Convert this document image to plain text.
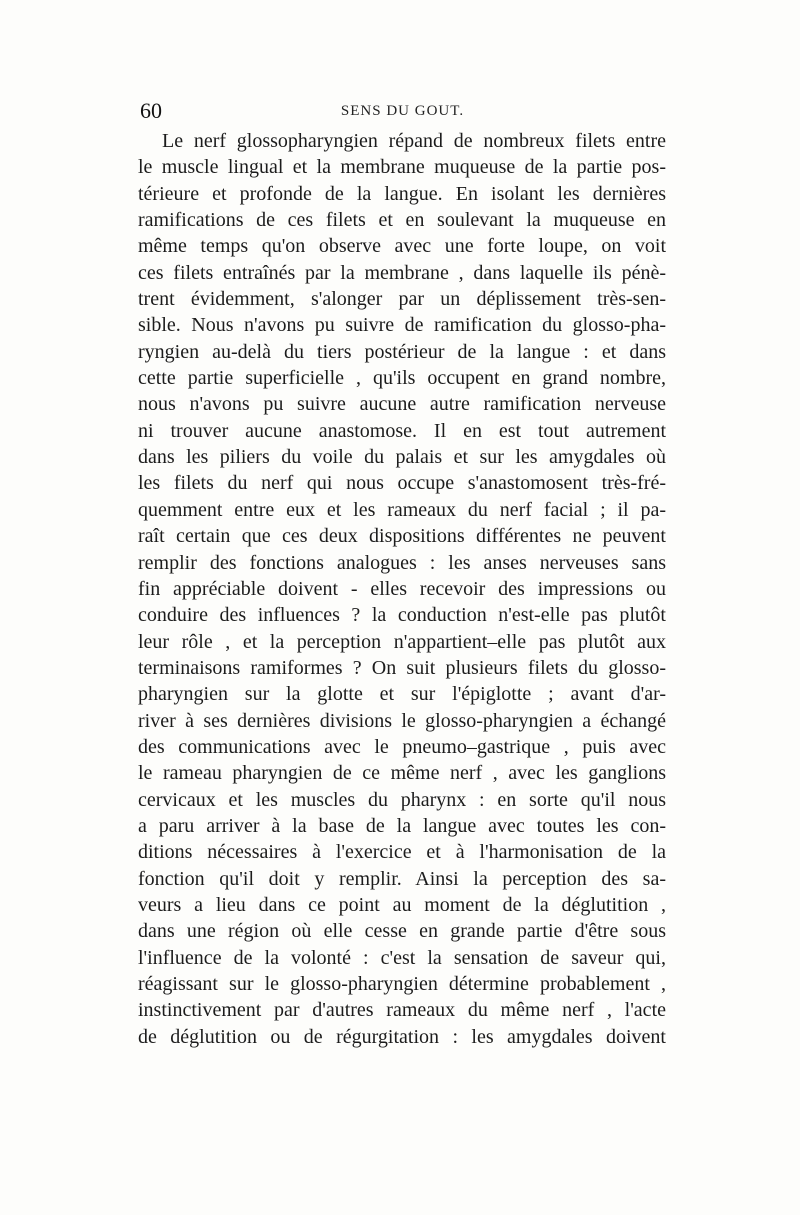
60	SENS DU GOUT.
Le nerf glossopharyngien répand de nombreux filets entre
le muscle lingual et la membrane muqueuse de la partie pos-
térieure et profonde de la langue. En isolant les dernières
ramifications de ces filets et en soulevant la muqueuse en
même temps qu'on observe avec une forte loupe, on voit
ces filets entraînés par la membrane , dans laquelle ils pénè-
trent évidemment, s'alonger par un déplissement très-sen-
sible. Nous n'avons pu suivre de ramification du glosso-pha-
ryngien au-delà du tiers postérieur de la langue : et dans
cette partie superficielle , qu'ils occupent en grand nombre,
nous n'avons pu suivre aucune autre ramification nerveuse
ni trouver aucune anastomose. Il en est tout autrement
dans les piliers du voile du palais et sur les amygdales où
les filets du nerf qui nous occupe s'anastomosent très-fré-
quemment entre eux et les rameaux du nerf facial ; il pa-
raît certain que ces deux dispositions différentes ne peuvent
remplir des fonctions analogues : les anses nerveuses sans
fin appréciable doivent - elles recevoir des impressions ou
conduire des influences ? la conduction n'est-elle pas plutôt
leur rôle , et la perception n'appartient–elle pas plutôt aux
terminaisons ramiformes ? On suit plusieurs filets du glosso-
pharyngien sur la glotte et sur l'épiglotte ; avant d'ar-
river à ses dernières divisions le glosso-pharyngien a échangé
des communications avec le pneumo–gastrique , puis avec
le rameau pharyngien de ce même nerf , avec les ganglions
cervicaux et les muscles du pharynx : en sorte qu'il nous
a paru arriver à la base de la langue avec toutes les con-
ditions nécessaires à l'exercice et à l'harmonisation de la
fonction qu'il doit y remplir. Ainsi la perception des sa-
veurs a lieu dans ce point au moment de la déglutition ,
dans une région où elle cesse en grande partie d'être sous
l'influence de la volonté : c'est la sensation de saveur qui,
réagissant sur le glosso-pharyngien détermine probablement ,
instinctivement par d'autres rameaux du même nerf , l'acte
de déglutition ou de régurgitation : les amygdales doivent
